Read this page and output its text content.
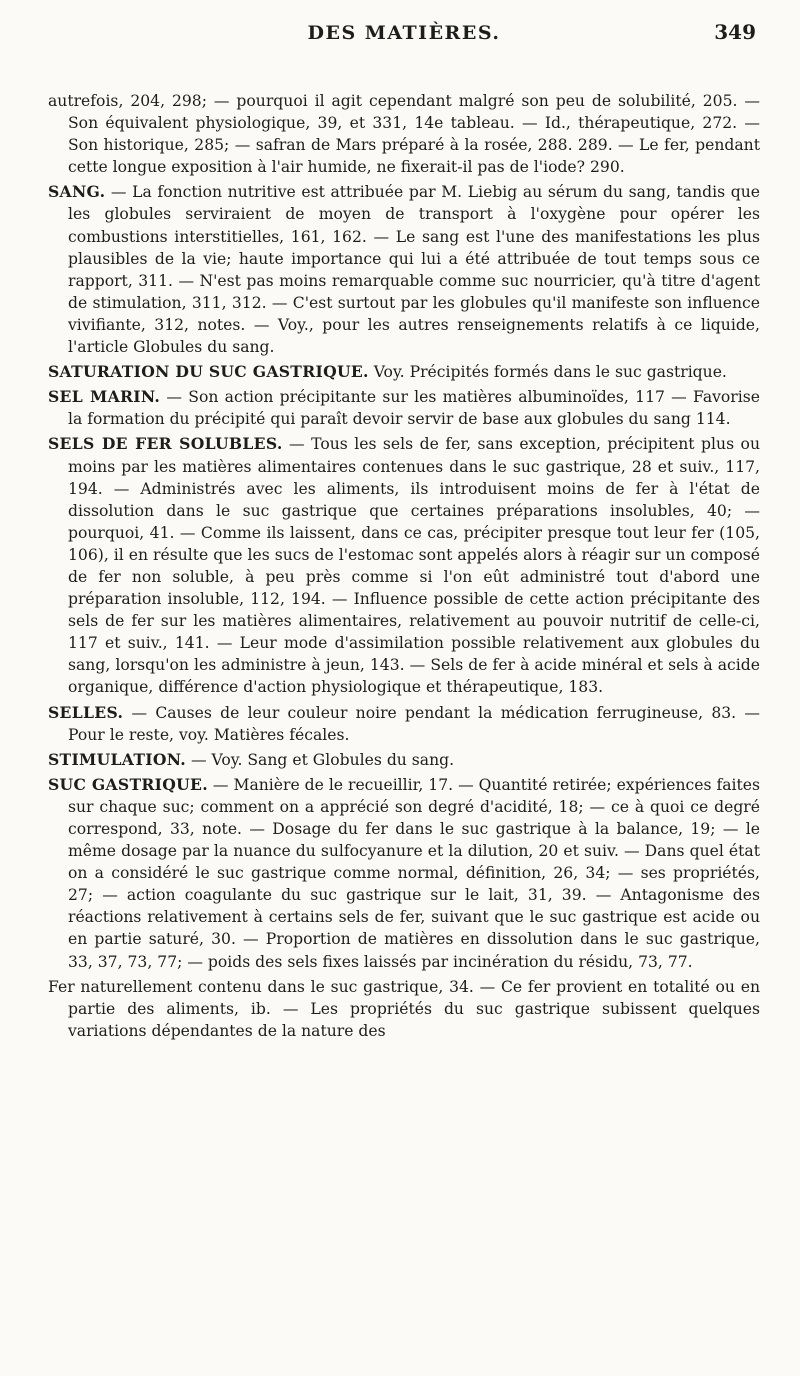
DES MATIÈRES.	349

autrefois, 204, 298; — pourquoi il agit cependant malgré son peu de solubilité, 205. — Son équivalent physiologique, 39, et 331, 14e tableau. — Id., thérapeutique, 272. — Son historique, 285; — safran de Mars préparé à la rosée, 288. 289. — Le fer, pendant cette longue exposition à l'air humide, ne fixerait-il pas de l'iode? 290.

SANG. — La fonction nutritive est attribuée par M. Liebig au sérum du sang, tandis que les globules serviraient de moyen de transport à l'oxygène pour opérer les combustions interstitielles, 161, 162. — Le sang est l'une des manifestations les plus plausibles de la vie; haute importance qui lui a été attribuée de tout temps sous ce rapport, 311. — N'est pas moins remarquable comme suc nourricier, qu'à titre d'agent de stimulation, 311, 312. — C'est surtout par les globules qu'il manifeste son influence vivifiante, 312, notes. — Voy., pour les autres renseignements relatifs à ce liquide, l'article Globules du sang.

SATURATION DU SUC GASTRIQUE. Voy. Précipités formés dans le suc gastrique.

SEL MARIN. — Son action précipitante sur les matières albuminoïdes, 117 — Favorise la formation du précipité qui paraît devoir servir de base aux globules du sang 114.

SELS DE FER SOLUBLES. — Tous les sels de fer, sans exception, précipitent plus ou moins par les matières alimentaires contenues dans le suc gastrique, 28 et suiv., 117, 194. — Administrés avec les aliments, ils introduisent moins de fer à l'état de dissolution dans le suc gastrique que certaines préparations insolubles, 40; — pourquoi, 41. — Comme ils laissent, dans ce cas, précipiter presque tout leur fer (105, 106), il en résulte que les sucs de l'estomac sont appelés alors à réagir sur un composé de fer non soluble, à peu près comme si l'on eût administré tout d'abord une préparation insoluble, 112, 194. — Influence possible de cette action précipitante des sels de fer sur les matières alimentaires, relativement au pouvoir nutritif de celle-ci, 117 et suiv., 141. — Leur mode d'assimilation possible relativement aux globules du sang, lorsqu'on les administre à jeun, 143. — Sels de fer à acide minéral et sels à acide organique, différence d'action physiologique et thérapeutique, 183.

SELLES. — Causes de leur couleur noire pendant la médication ferrugineuse, 83. — Pour le reste, voy. Matières fécales.

STIMULATION. — Voy. Sang et Globules du sang.

SUC GASTRIQUE. — Manière de le recueillir, 17. — Quantité retirée; expériences faites sur chaque suc; comment on a apprécié son degré d'acidité, 18; — ce à quoi ce degré correspond, 33, note. — Dosage du fer dans le suc gastrique à la balance, 19; — le même dosage par la nuance du sulfocyanure et la dilution, 20 et suiv. — Dans quel état on a considéré le suc gastrique comme normal, définition, 26, 34; — ses propriétés, 27; — action coagulante du suc gastrique sur le lait, 31, 39. — Antagonisme des réactions relativement à certains sels de fer, suivant que le suc gastrique est acide ou en partie saturé, 30. — Proportion de matières en dissolution dans le suc gastrique, 33, 37, 73, 77; — poids des sels fixes laissés par incinération du résidu, 73, 77.

Fer naturellement contenu dans le suc gastrique, 34. — Ce fer provient en totalité ou en partie des aliments, ib. — Les propriétés du suc gastrique subissent quelques variations dépendantes de la nature des
